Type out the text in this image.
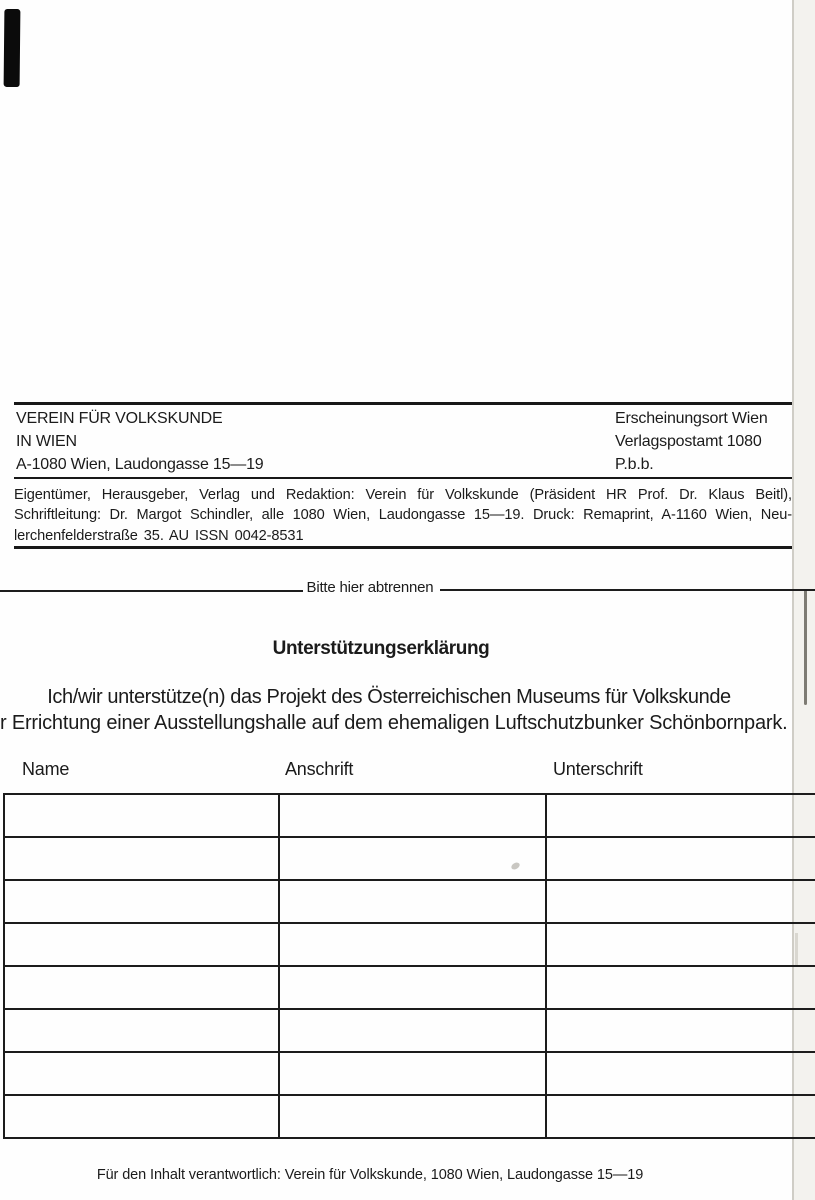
VEREIN FÜR VOLKSKUNDE
IN WIEN
A-1080 Wien, Laudongasse 15—19
Erscheinungsort Wien
Verlagspostamt 1080
P.b.b.
Eigentümer, Herausgeber, Verlag und Redaktion: Verein für Volkskunde (Präsident HR Prof. Dr. Klaus Beitl),
Schriftleitung: Dr. Margot Schindler, alle 1080 Wien, Laudongasse 15—19. Druck: Remaprint, A-1160 Wien, Neu-
lerchenfelderstraße 35. AU ISSN 0042-8531
Bitte hier abtrennen
Unterstützungserklärung
Ich/wir unterstütze(n) das Projekt des Österreichischen Museums für Volkskunde
r Errichtung einer Ausstellungshalle auf dem ehemaligen Luftschutzbunker Schönbornpark.
Name	Anschrift	Unterschrift
Für den Inhalt verantwortlich: Verein für Volkskunde, 1080 Wien, Laudongasse 15—19
